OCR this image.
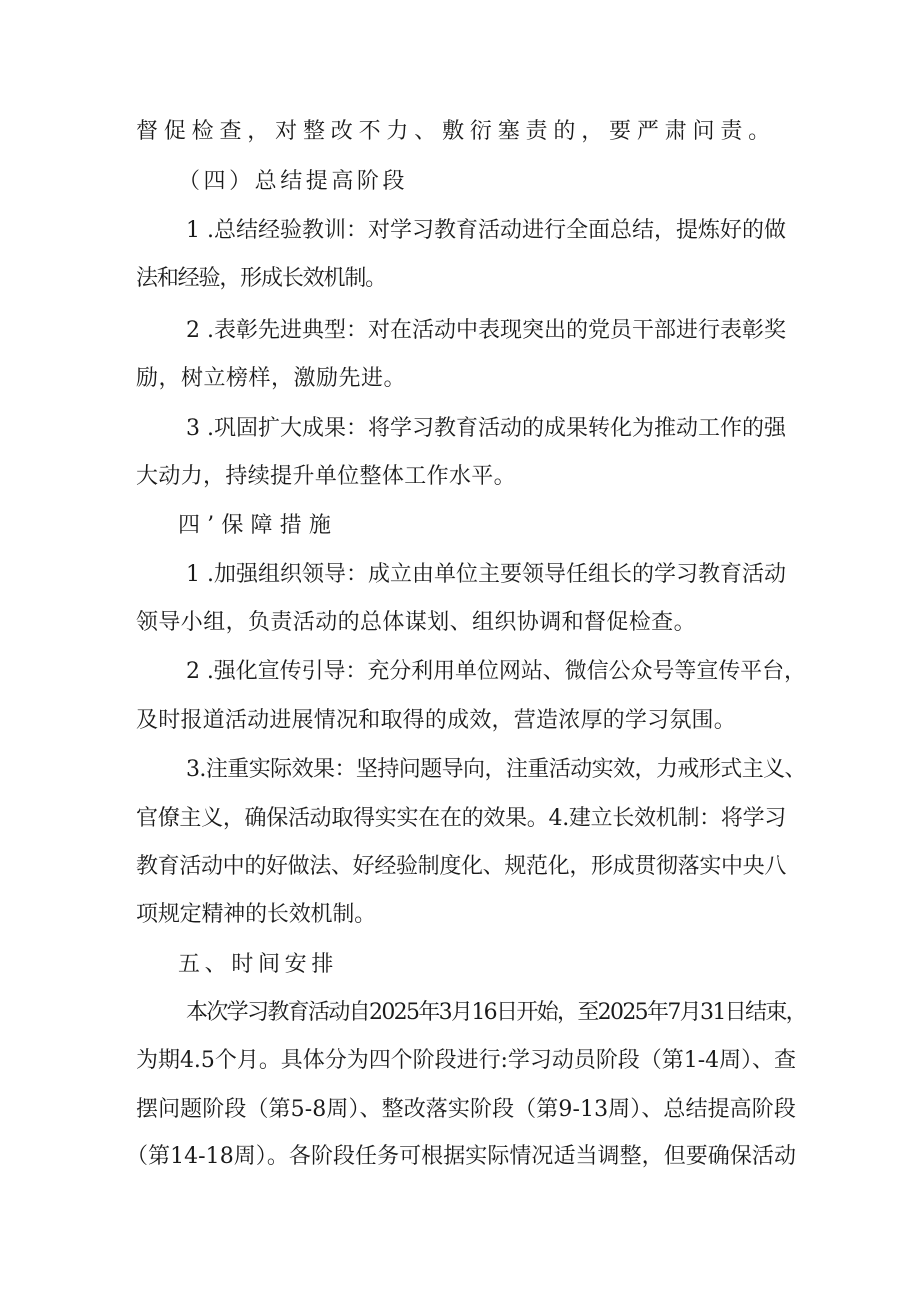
督促检查，对整改不力、敷衍塞责的，要严肃问责。
（四）总结提高阶段
1 .总结经验教训：对学习教育活动进行全面总结，提炼好的做
法和经验，形成长效机制。
2 .表彰先进典型：对在活动中表现突出的党员干部进行表彰奖
励，树立榜样，激励先进。
3 .巩固扩大成果：将学习教育活动的成果转化为推动工作的强
大动力，持续提升单位整体工作水平。
四’保障措施
1 .加强组织领导：成立由单位主要领导任组长的学习教育活动
领导小组，负责活动的总体谋划、组织协调和督促检查。
2 .强化宣传引导：充分利用单位网站、微信公众号等宣传平台，
及时报道活动进展情况和取得的成效，营造浓厚的学习氛围。
3.注重实际效果：坚持问题导向，注重活动实效，力戒形式主义、
官僚主义，确保活动取得实实在在的效果。4.建立长效机制：将学习
教育活动中的好做法、好经验制度化、规范化，形成贯彻落实中央八
项规定精神的长效机制。
五、时间安排
本次学习教育活动自2025年3月16日开始，至2025年7月31日结束，
为期4.5个月。具体分为四个阶段进行:学习动员阶段（第1-4周）、查
摆问题阶段（第5-8周）、整改落实阶段（第9-13周）、总结提高阶段
（第14-18周）。各阶段任务可根据实际情况适当调整，但要确保活动
